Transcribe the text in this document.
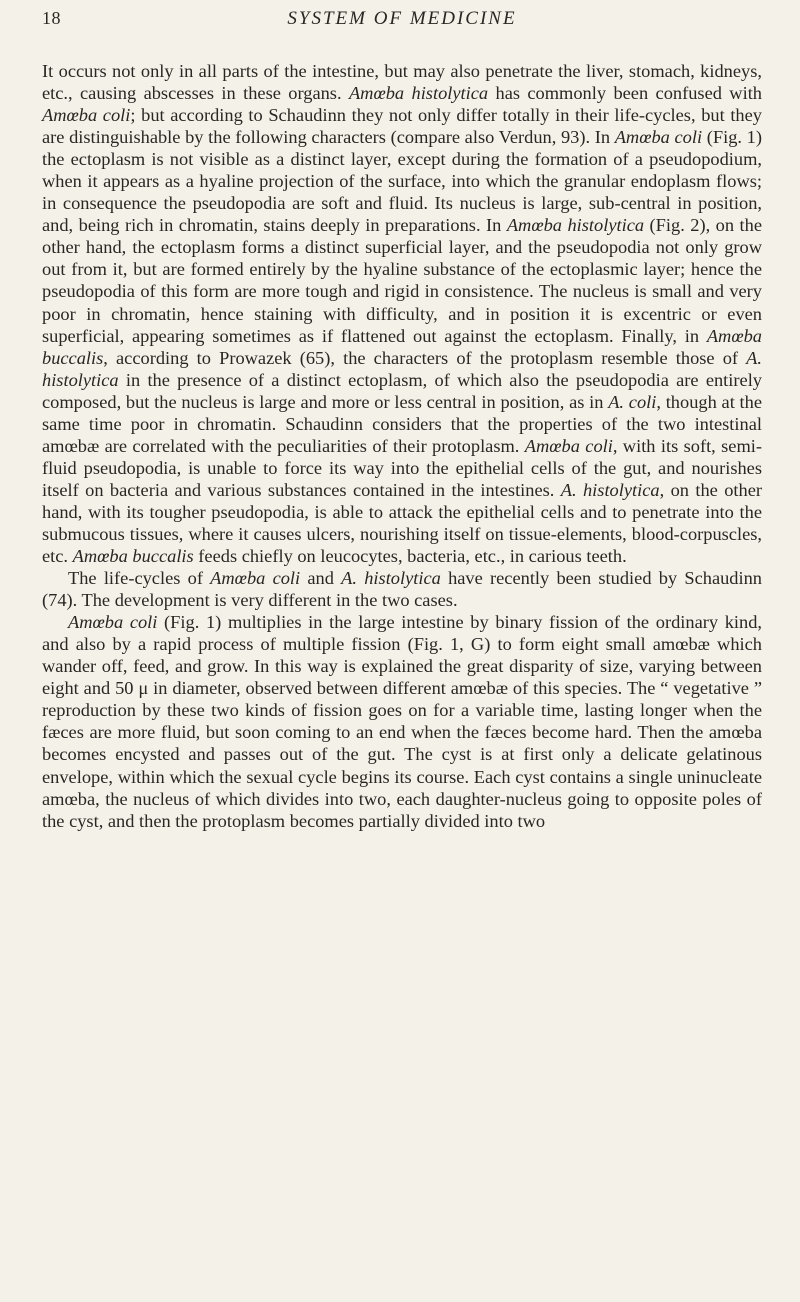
18	SYSTEM OF MEDICINE

It occurs not only in all parts of the intestine, but may also penetrate the liver, stomach, kidneys, etc., causing abscesses in these organs. Amœba histolytica has commonly been confused with Amœba coli; but according to Schaudinn they not only differ totally in their life-cycles, but they are distinguishable by the following characters (compare also Verdun, 93). In Amœba coli (Fig. 1) the ectoplasm is not visible as a distinct layer, except during the formation of a pseudopodium, when it appears as a hyaline projection of the surface, into which the granular endoplasm flows; in consequence the pseudopodia are soft and fluid. Its nucleus is large, sub-central in position, and, being rich in chromatin, stains deeply in preparations. In Amœba histolytica (Fig. 2), on the other hand, the ectoplasm forms a distinct superficial layer, and the pseudopodia not only grow out from it, but are formed entirely by the hyaline substance of the ectoplasmic layer; hence the pseudopodia of this form are more tough and rigid in consistence. The nucleus is small and very poor in chromatin, hence staining with difficulty, and in position it is excentric or even superficial, appearing sometimes as if flattened out against the ectoplasm. Finally, in Amœba buccalis, according to Prowazek (65), the characters of the protoplasm resemble those of A. histolytica in the presence of a distinct ectoplasm, of which also the pseudopodia are entirely composed, but the nucleus is large and more or less central in position, as in A. coli, though at the same time poor in chromatin. Schaudinn considers that the properties of the two intestinal amœbæ are correlated with the peculiarities of their protoplasm. Amœba coli, with its soft, semi-fluid pseudopodia, is unable to force its way into the epithelial cells of the gut, and nourishes itself on bacteria and various substances contained in the intestines. A. histolytica, on the other hand, with its tougher pseudopodia, is able to attack the epithelial cells and to penetrate into the submucous tissues, where it causes ulcers, nourishing itself on tissue-elements, blood-corpuscles, etc. Amœba buccalis feeds chiefly on leucocytes, bacteria, etc., in carious teeth.

The life-cycles of Amœba coli and A. histolytica have recently been studied by Schaudinn (74). The development is very different in the two cases.

Amœba coli (Fig. 1) multiplies in the large intestine by binary fission of the ordinary kind, and also by a rapid process of multiple fission (Fig. 1, G) to form eight small amœbæ which wander off, feed, and grow. In this way is explained the great disparity of size, varying between eight and 50 μ in diameter, observed between different amœbæ of this species. The “ vegetative ” reproduction by these two kinds of fission goes on for a variable time, lasting longer when the fæces are more fluid, but soon coming to an end when the fæces become hard. Then the amœba becomes encysted and passes out of the gut. The cyst is at first only a delicate gelatinous envelope, within which the sexual cycle begins its course. Each cyst contains a single uninucleate amœba, the nucleus of which divides into two, each daughter-nucleus going to opposite poles of the cyst, and then the protoplasm becomes partially divided into two
